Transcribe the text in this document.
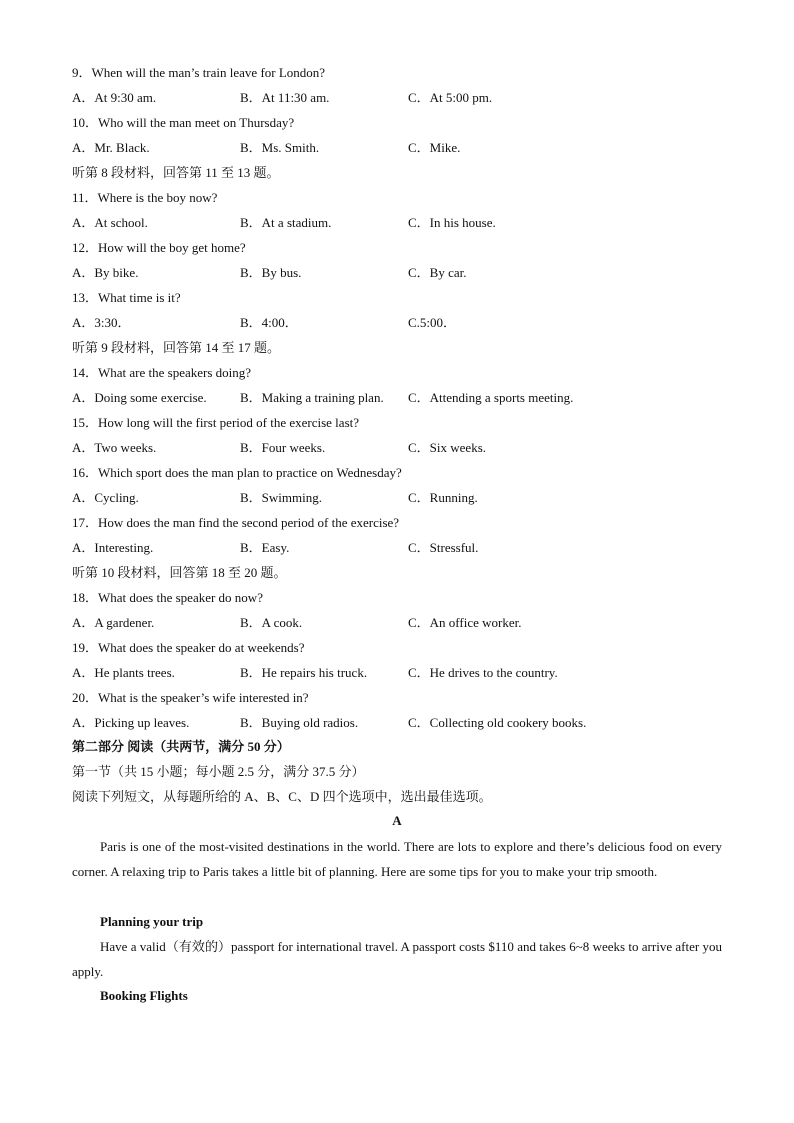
9．When will the man’s train leave for London?
A．At 9:30 am.	B．At 11:30 am.	C．At 5:00 pm.
10．Who will the man meet on Thursday?
A．Mr. Black.	B．Ms. Smith.	C．Mike.
听第 8 段材料，回答第 11 至 13 题。
11．Where is the boy now?
A．At school.	B．At a stadium.	C．In his house.
12．How will the boy get home?
A．By bike.	B．By bus.	C．By car.
13．What time is it?
A．3:30．	B．4:00．	C.5:00．
听第 9 段材料，回答第 14 至 17 题。
14．What are the speakers doing?
A．Doing some exercise.	B．Making a training plan. C．Attending a sports meeting.
15．How long will the first period of the exercise last?
A．Two weeks.	B．Four weeks.	C．Six weeks.
16．Which sport does the man plan to practice on Wednesday?
A．Cycling.	B．Swimming.	C．Running.
17．How does the man find the second period of the exercise?
A．Interesting.	B．Easy.	C．Stressful.
听第 10 段材料，回答第 18 至 20 题。
18．What does the speaker do now?
A．A gardener.	B．A cook.	C．An office worker.
19．What does the speaker do at weekends?
A．He plants trees.	B．He repairs his truck.	C．He drives to the country.
20．What is the speaker’s wife interested in?
A．Picking up leaves.	B．Buying old radios.	C．Collecting old cookery books.
第二部分 阅读（共两节，满分 50 分）
第一节（共 15 小题；每小题 2.5 分，满分 37.5 分）
阅读下列短文，从每题所给的 A、B、C、D 四个选项中，选出最佳选项。
A
Paris is one of the most-visited destinations in the world. There are lots to explore and there’s delicious food on every corner. A relaxing trip to Paris takes a little bit of planning. Here are some tips for you to make your trip smooth.
Planning your trip
Have a valid（有效的）passport for international travel. A passport costs $110 and takes 6~8 weeks to arrive after you apply.
Booking Flights
